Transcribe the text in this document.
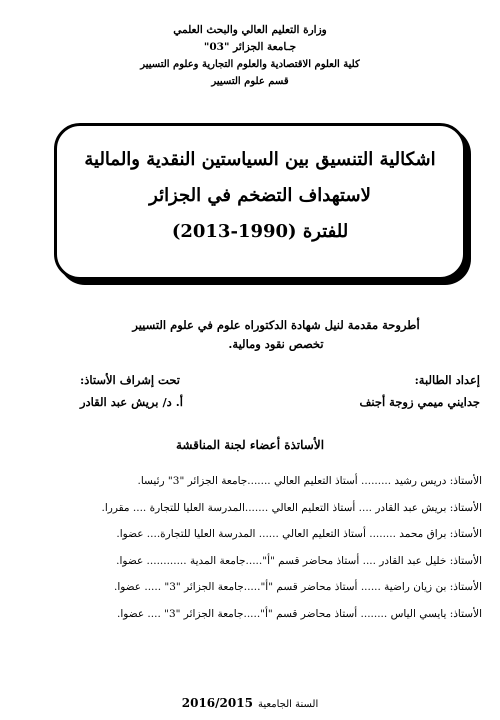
وزارة التعليم العالي والبحث العلمي
جـامعة الجزائر "03"
كلية العلوم الاقتصادية والعلوم التجارية وعلوم التسيير
قسم علوم التسيير
اشكالية التنسيق بين السياستين النقدية والمالية
لاستهداف التضخم في الجزائر
للفترة (1990-2013)
أطروحة مقدمة لنيل شهادة الدكتوراه علوم في علوم التسيير
تخصص نقود ومالية.
إعداد الطالبة:
تحت إشراف الأستاذ:
جدايني ميمي زوجة أجنف
أ. د/ بريش عبد القادر
الأساتذة أعضاء لجنة المناقشة
الأستاذ: دريس رشيد ......... أستاذ التعليم العالي .......جامعة الجزائر "3" رئيسا.
الأستاذ: بريش عبد القادر .... أستاذ التعليم العالي .......المدرسة العليا للتجارة .... مقررا.
الأستاذ: براق محمد ........ أستاذ التعليم العالي ...... المدرسة العليا للتجارة.... عضوا.
الأستاذ: خليل عبد القادر .... أستاذ محاضر قسم "أ".....جامعة المدية ............ عضوا.
الأستاذ: بن زيان راضية ...... أستاذ محاضر قسم "أ".....جامعة الجزائر "3" ..... عضوا.
الأستاذ: يايسي الياس ........ أستاذ محاضر قسم "أ".....جامعة الجزائر "3" .... عضوا.
السنة الجامعية 2016/2015
